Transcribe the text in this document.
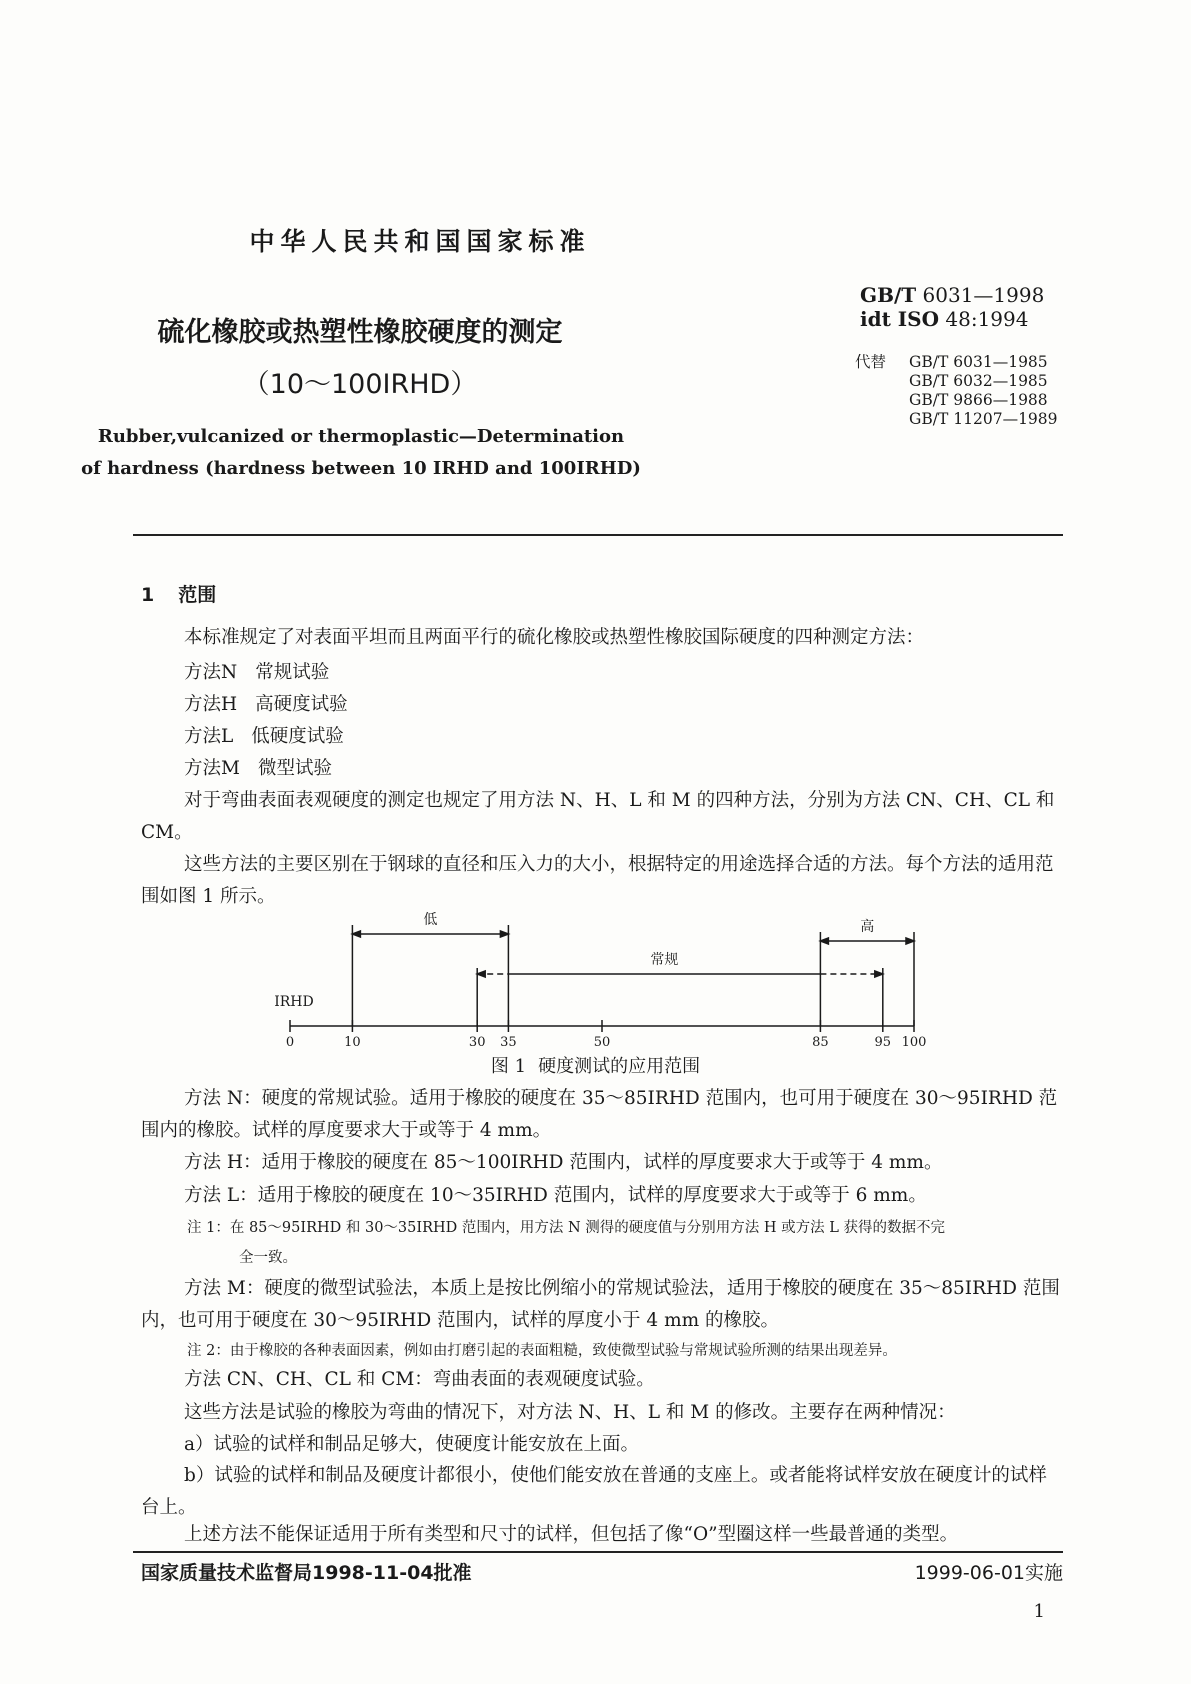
中华人民共和国国家标准
GB/T 6031—1998
idt ISO 48:1994
代替 GB/T 6031—1985
GB/T 6032—1985
GB/T 9866—1988
GB/T 11207—1989
硫化橡胶或热塑性橡胶硬度的测定
（10～100IRHD）
Rubber,vulcanized or thermoplastic—Determination
of hardness (hardness between 10 IRHD and 100IRHD)
1 范围
本标准规定了对表面平坦而且两面平行的硫化橡胶或热塑性橡胶国际硬度的四种测定方法：
方法N 常规试验
方法H 高硬度试验
方法L 低硬度试验
方法M 微型试验
对于弯曲表面表观硬度的测定也规定了用方法 N、H、L 和 M 的四种方法，分别为方法 CN、CH、CL 和 CM。
这些方法的主要区别在于钢球的直径和压入力的大小，根据特定的用途选择合适的方法。每个方法的适用范围如图 1 所示。
IRHD
0	10	30 35	50	85	95 100
低
常规
高
图 1 硬度测试的应用范围
方法 N：硬度的常规试验。适用于橡胶的硬度在 35～85IRHD 范围内，也可用于硬度在 30～95IRHD 范围内的橡胶。试样的厚度要求大于或等于 4 mm。
方法 H：适用于橡胶的硬度在 85～100IRHD 范围内，试样的厚度要求大于或等于 4 mm。
方法 L：适用于橡胶的硬度在 10～35IRHD 范围内，试样的厚度要求大于或等于 6 mm。
注 1：在 85～95IRHD 和 30～35IRHD 范围内，用方法 N 测得的硬度值与分别用方法 H 或方法 L 获得的数据不完
全一致。
方法 M：硬度的微型试验法，本质上是按比例缩小的常规试验法，适用于橡胶的硬度在 35～85IRHD 范围内，也可用于硬度在 30～95IRHD 范围内，试样的厚度小于 4 mm 的橡胶。
注 2：由于橡胶的各种表面因素，例如由打磨引起的表面粗糙，致使微型试验与常规试验所测的结果出现差异。
方法 CN、CH、CL 和 CM：弯曲表面的表观硬度试验。
这些方法是试验的橡胶为弯曲的情况下，对方法 N、H、L 和 M 的修改。主要存在两种情况：
a）试验的试样和制品足够大，使硬度计能安放在上面。
b）试验的试样和制品及硬度计都很小，使他们能安放在普通的支座上。或者能将试样安放在硬度计的试样台上。
上述方法不能保证适用于所有类型和尺寸的试样，但包括了像“O”型圈这样一些最普通的类型。
国家质量技术监督局1998-11-04批准	1999-06-01实施
1
